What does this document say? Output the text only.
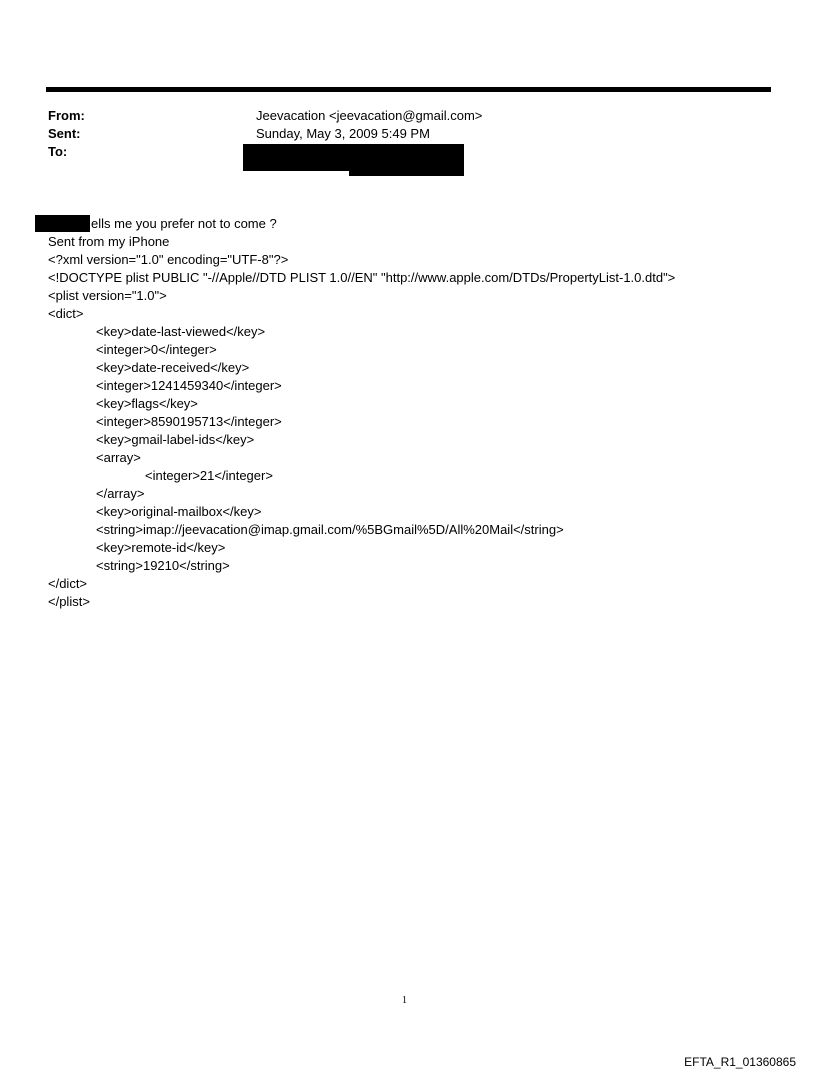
From:	Jeevacation <jeevacation@gmail.com>
Sent:	Sunday, May 3, 2009 5:49 PM
To:
ells me you prefer not to come ?
Sent from my iPhone
<?xml version="1.0" encoding="UTF-8"?>
<!DOCTYPE plist PUBLIC "-//Apple//DTD PLIST 1.0//EN" "http://www.apple.com/DTDs/PropertyList-1.0.dtd">
<plist version="1.0">
<dict>
<key>date-last-viewed</key>
<integer>0</integer>
<key>date-received</key>
<integer>1241459340</integer>
<key>flags</key>
<integer>8590195713</integer>
<key>gmail-label-ids</key>
<array>
<integer>21</integer>
</array>
<key>original-mailbox</key>
<string>imap://jeevacation@imap.gmail.com/%5BGmail%5D/All%20Mail</string>
<key>remote-id</key>
<string>19210</string>
</dict>
</plist>
1
EFTA_R1_01360865
